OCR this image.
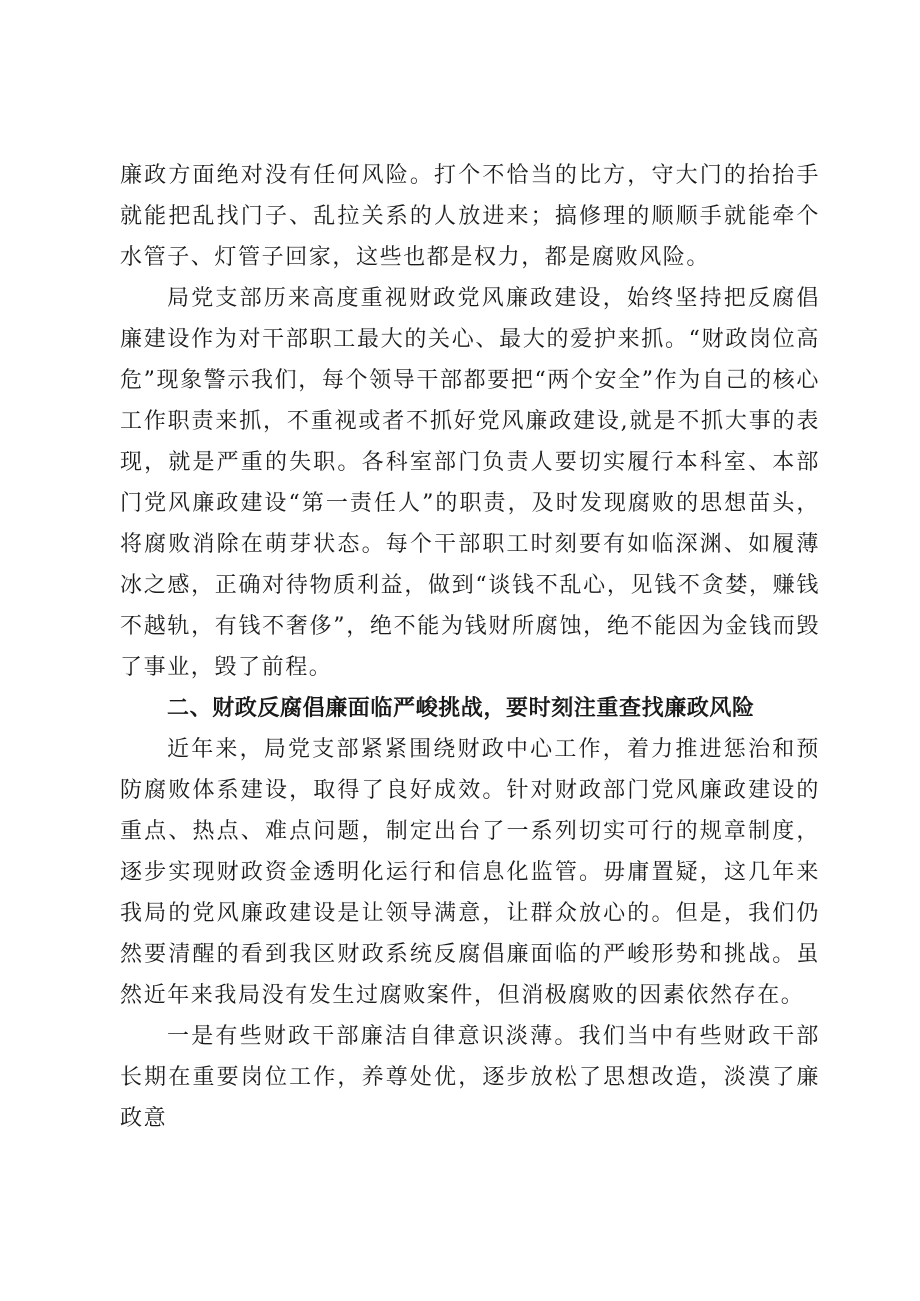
廉政方面绝对没有任何风险。打个不恰当的比方，守大门的抬抬手就能把乱找门子、乱拉关系的人放进来；搞修理的顺顺手就能牵个水管子、灯管子回家，这些也都是权力，都是腐败风险。

局党支部历来高度重视财政党风廉政建设，始终坚持把反腐倡廉建设作为对干部职工最大的关心、最大的爱护来抓。“财政岗位高危”现象警示我们，每个领导干部都要把“两个安全”作为自己的核心工作职责来抓，不重视或者不抓好党风廉政建设,就是不抓大事的表现，就是严重的失职。各科室部门负责人要切实履行本科室、本部门党风廉政建设“第一责任人”的职责，及时发现腐败的思想苗头，将腐败消除在萌芽状态。每个干部职工时刻要有如临深渊、如履薄冰之感，正确对待物质利益，做到“谈钱不乱心，见钱不贪婪，赚钱不越轨，有钱不奢侈”，绝不能为钱财所腐蚀，绝不能因为金钱而毁了事业，毁了前程。

二、财政反腐倡廉面临严峻挑战，要时刻注重查找廉政风险

近年来，局党支部紧紧围绕财政中心工作，着力推进惩治和预防腐败体系建设，取得了良好成效。针对财政部门党风廉政建设的重点、热点、难点问题，制定出台了一系列切实可行的规章制度，逐步实现财政资金透明化运行和信息化监管。毋庸置疑，这几年来我局的党风廉政建设是让领导满意，让群众放心的。但是，我们仍然要清醒的看到我区财政系统反腐倡廉面临的严峻形势和挑战。虽然近年来我局没有发生过腐败案件，但消极腐败的因素依然存在。

一是有些财政干部廉洁自律意识淡薄。我们当中有些财政干部长期在重要岗位工作，养尊处优，逐步放松了思想改造，淡漠了廉政意
